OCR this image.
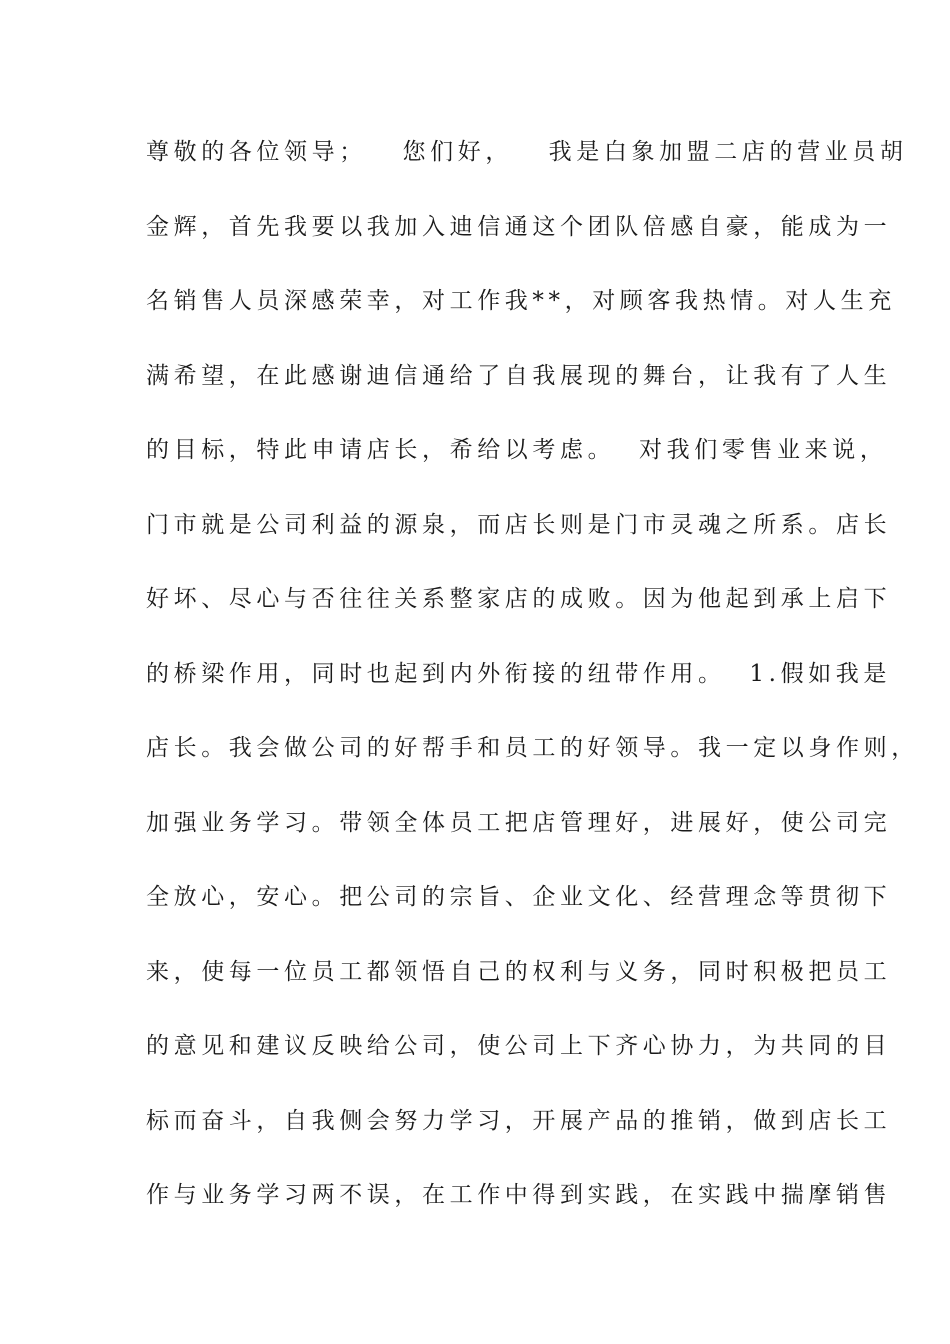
尊敬的各位领导；   您们好，   我是白象加盟二店的营业员胡
金辉，首先我要以我加入迪信通这个团队倍感自豪，能成为一
名销售人员深感荣幸，对工作我**，对顾客我热情。对人生充
满希望，在此感谢迪信通给了自我展现的舞台，让我有了人生
的目标，特此申请店长，希给以考虑。  对我们零售业来说，
门市就是公司利益的源泉，而店长则是门市灵魂之所系。店长
好坏、尽心与否往往关系整家店的成败。因为他起到承上启下
的桥梁作用，同时也起到内外衔接的纽带作用。  1.假如我是
店长。我会做公司的好帮手和员工的好领导。我一定以身作则，
加强业务学习。带领全体员工把店管理好，进展好，使公司完
全放心，安心。把公司的宗旨、企业文化、经营理念等贯彻下
来，使每一位员工都领悟自己的权利与义务，同时积极把员工
的意见和建议反映给公司，使公司上下齐心协力，为共同的目
标而奋斗，自我侧会努力学习，开展产品的推销，做到店长工
作与业务学习两不误，在工作中得到实践，在实践中揣摩销售
